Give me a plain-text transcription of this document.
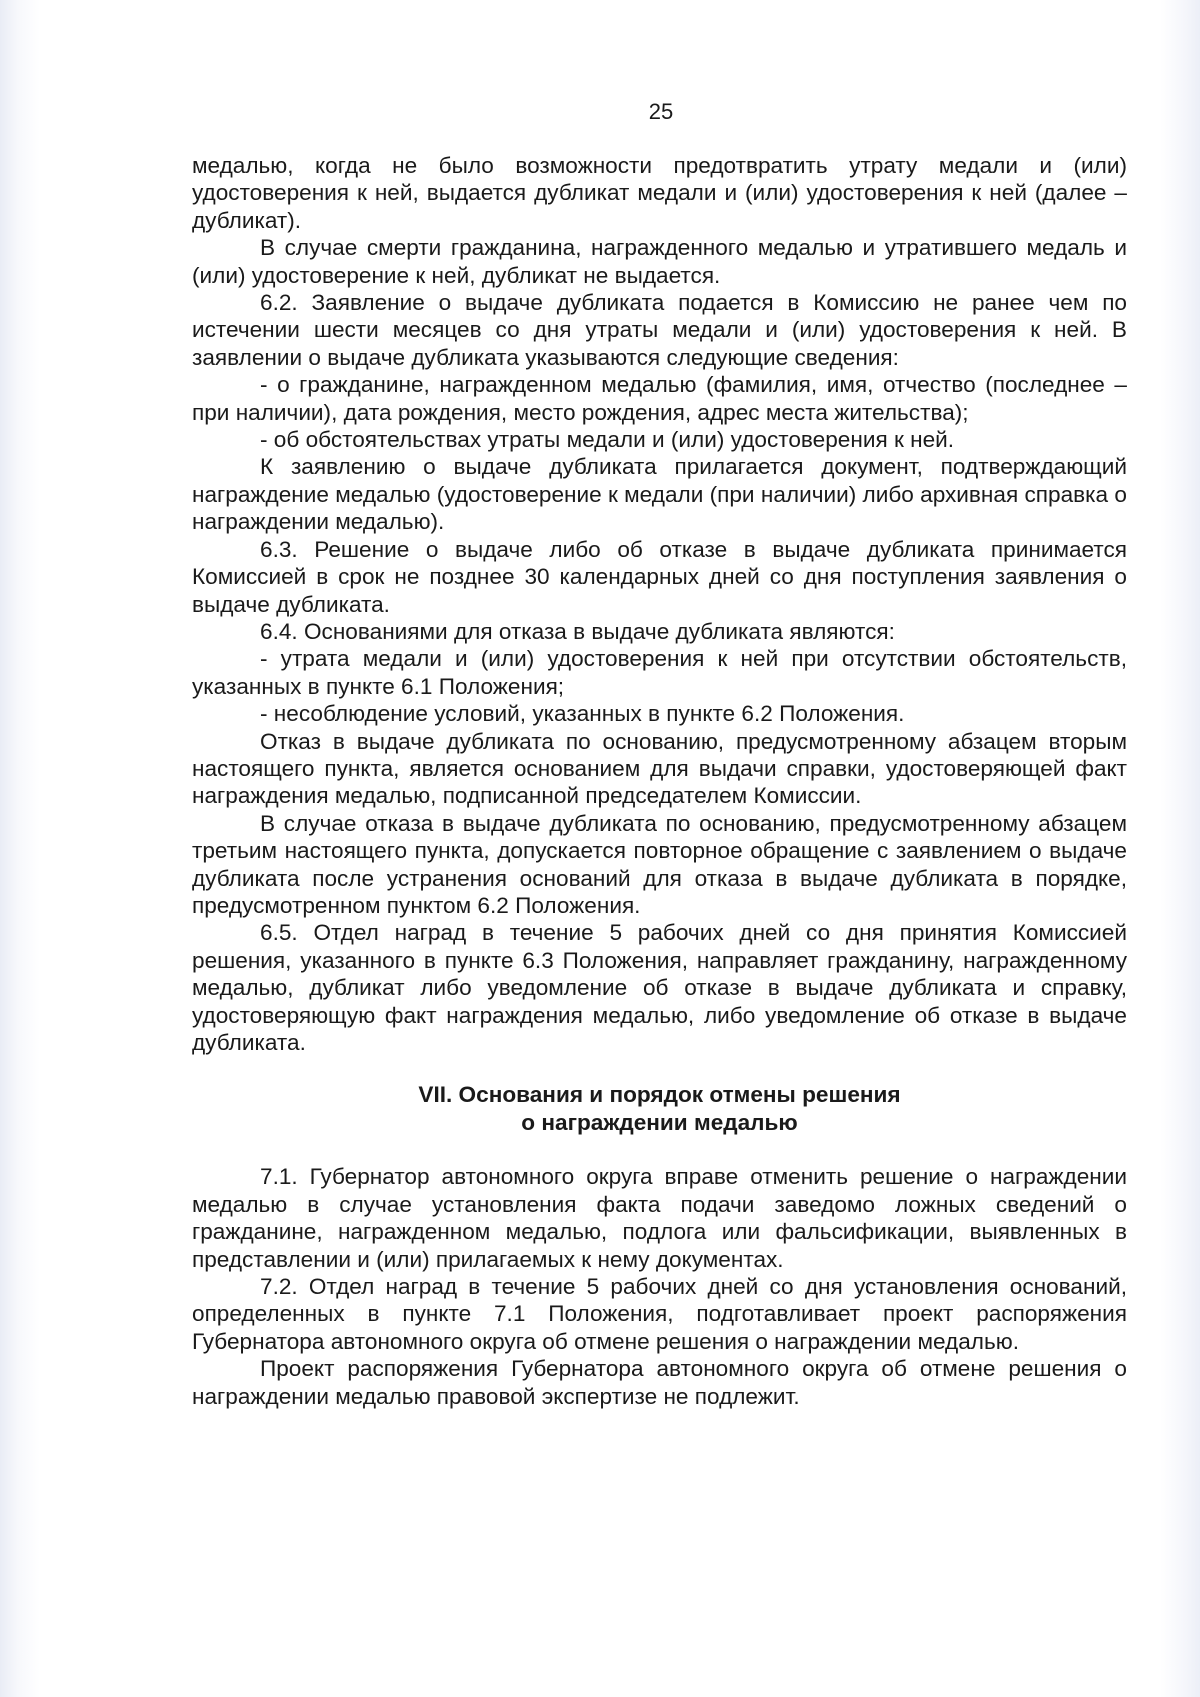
25

медалью, когда не было возможности предотвратить утрату медали и (или) удостоверения к ней, выдается дубликат медали и (или) удостоверения к ней (далее – дубликат).

В случае смерти гражданина, награжденного медалью и утратившего медаль и (или) удостоверение к ней, дубликат не выдается.

6.2. Заявление о выдаче дубликата подается в Комиссию не ранее чем по истечении шести месяцев со дня утраты медали и (или) удостоверения к ней. В заявлении о выдаче дубликата указываются следующие сведения:

- о гражданине, награжденном медалью (фамилия, имя, отчество (последнее – при наличии), дата рождения, место рождения, адрес места жительства);

- об обстоятельствах утраты медали и (или) удостоверения к ней.

К заявлению о выдаче дубликата прилагается документ, подтверждающий награждение медалью (удостоверение к медали (при наличии) либо архивная справка о награждении медалью).

6.3. Решение о выдаче либо об отказе в выдаче дубликата принимается Комиссией в срок не позднее 30 календарных дней со дня поступления заявления о выдаче дубликата.

6.4. Основаниями для отказа в выдаче дубликата являются:

- утрата медали и (или) удостоверения к ней при отсутствии обстоятельств, указанных в пункте 6.1 Положения;

- несоблюдение условий, указанных в пункте 6.2 Положения.

Отказ в выдаче дубликата по основанию, предусмотренному абзацем вторым настоящего пункта, является основанием для выдачи справки, удостоверяющей факт награждения медалью, подписанной председателем Комиссии.

В случае отказа в выдаче дубликата по основанию, предусмотренному абзацем третьим настоящего пункта, допускается повторное обращение с заявлением о выдаче дубликата после устранения оснований для отказа в выдаче дубликата в порядке, предусмотренном пунктом 6.2 Положения.

6.5. Отдел наград в течение 5 рабочих дней со дня принятия Комиссией решения, указанного в пункте 6.3 Положения, направляет гражданину, награжденному медалью, дубликат либо уведомление об отказе в выдаче дубликата и справку, удостоверяющую факт награждения медалью, либо уведомление об отказе в выдаче дубликата.

VII. Основания и порядок отмены решения
о награждении медалью

7.1. Губернатор автономного округа вправе отменить решение о награждении медалью в случае установления факта подачи заведомо ложных сведений о гражданине, награжденном медалью, подлога или фальсификации, выявленных в представлении и (или) прилагаемых к нему документах.

7.2. Отдел наград в течение 5 рабочих дней со дня установления оснований, определенных в пункте 7.1 Положения, подготавливает проект распоряжения Губернатора автономного округа об отмене решения о награждении медалью.

Проект распоряжения Губернатора автономного округа об отмене решения о награждении медалью правовой экспертизе не подлежит.
